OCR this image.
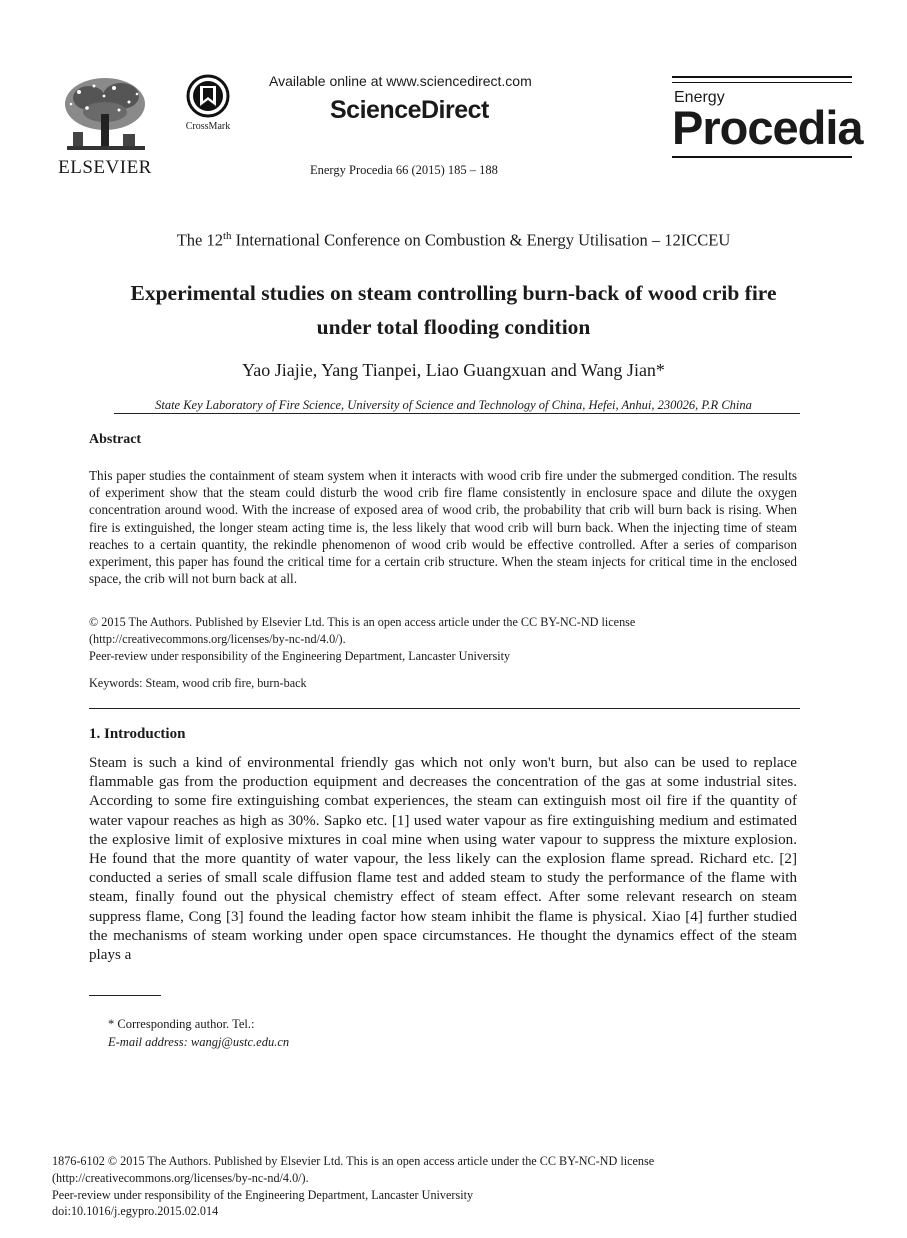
ELSEVIER
CrossMark
Available online at www.sciencedirect.com
ScienceDirect
Energy Procedia 66 (2015) 185 – 188
Energy
Procedia
The 12th International Conference on Combustion & Energy Utilisation – 12ICCEU
Experimental studies on steam controlling burn-back of wood crib fire
under total flooding condition
Yao Jiajie, Yang Tianpei, Liao Guangxuan and Wang Jian*
State Key Laboratory of Fire Science, University of Science and Technology of China, Hefei, Anhui, 230026, P.R China
Abstract
This paper studies the containment of steam system when it interacts with wood crib fire under the submerged condition. The results of experiment show that the steam could disturb the wood crib fire flame consistently in enclosure space and dilute the oxygen concentration around wood. With the increase of exposed area of wood crib, the probability that crib will burn back is rising. When fire is extinguished, the longer steam acting time is, the less likely that wood crib will burn back. When the injecting time of steam reaches to a certain quantity, the rekindle phenomenon of wood crib would be effective controlled. After a series of comparison experiment, this paper has found the critical time for a certain crib structure. When the steam injects for critical time in the enclosed space, the crib will not burn back at all.
© 2015 The Authors. Published by Elsevier Ltd. This is an open access article under the CC BY-NC-ND license
(http://creativecommons.org/licenses/by-nc-nd/4.0/).
Peer-review under responsibility of the Engineering Department, Lancaster University
Keywords: Steam, wood crib fire, burn-back
1. Introduction
Steam is such a kind of environmental friendly gas which not only won't burn, but also can be used to replace flammable gas from the production equipment and decreases the concentration of the gas at some industrial sites. According to some fire extinguishing combat experiences, the steam can extinguish most oil fire if the quantity of water vapour reaches as high as 30%. Sapko etc. [1] used water vapour as fire extinguishing medium and estimated the explosive limit of explosive mixtures in coal mine when using water vapour to suppress the mixture explosion. He found that the more quantity of water vapour, the less likely can the explosion flame spread. Richard etc. [2] conducted a series of small scale diffusion flame test and added steam to study the performance of the flame with steam, finally found out the physical chemistry effect of steam effect. After some relevant research on steam suppress flame, Cong [3] found the leading factor how steam inhibit the flame is physical. Xiao [4] further studied the mechanisms of steam working under open space circumstances. He thought the dynamics effect of the steam plays a
* Corresponding author. Tel.:
E-mail address: wangj@ustc.edu.cn
1876-6102 © 2015 The Authors. Published by Elsevier Ltd. This is an open access article under the CC BY-NC-ND license
(http://creativecommons.org/licenses/by-nc-nd/4.0/).
Peer-review under responsibility of the Engineering Department, Lancaster University
doi:10.1016/j.egypro.2015.02.014
